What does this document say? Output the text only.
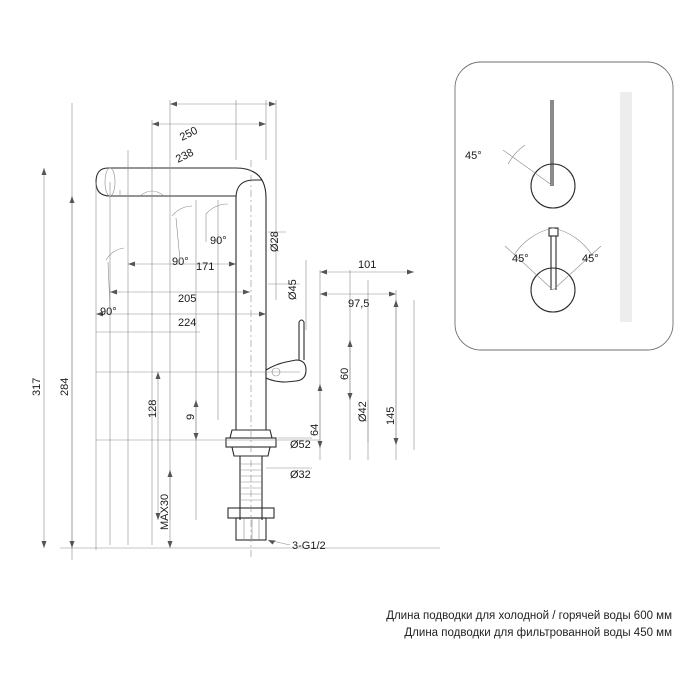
45°
45°	45°
250
238
171
205
224
Ø28
Ø45
101
97,5
317 284
128 9
MAX30
60
64
Ø42 145
Ø52
Ø32
3-G1/2
90°
90°
90°
Длина подводки для холодной / горячей воды 600 мм
Длина подводки для фильтрованной воды 450 мм
